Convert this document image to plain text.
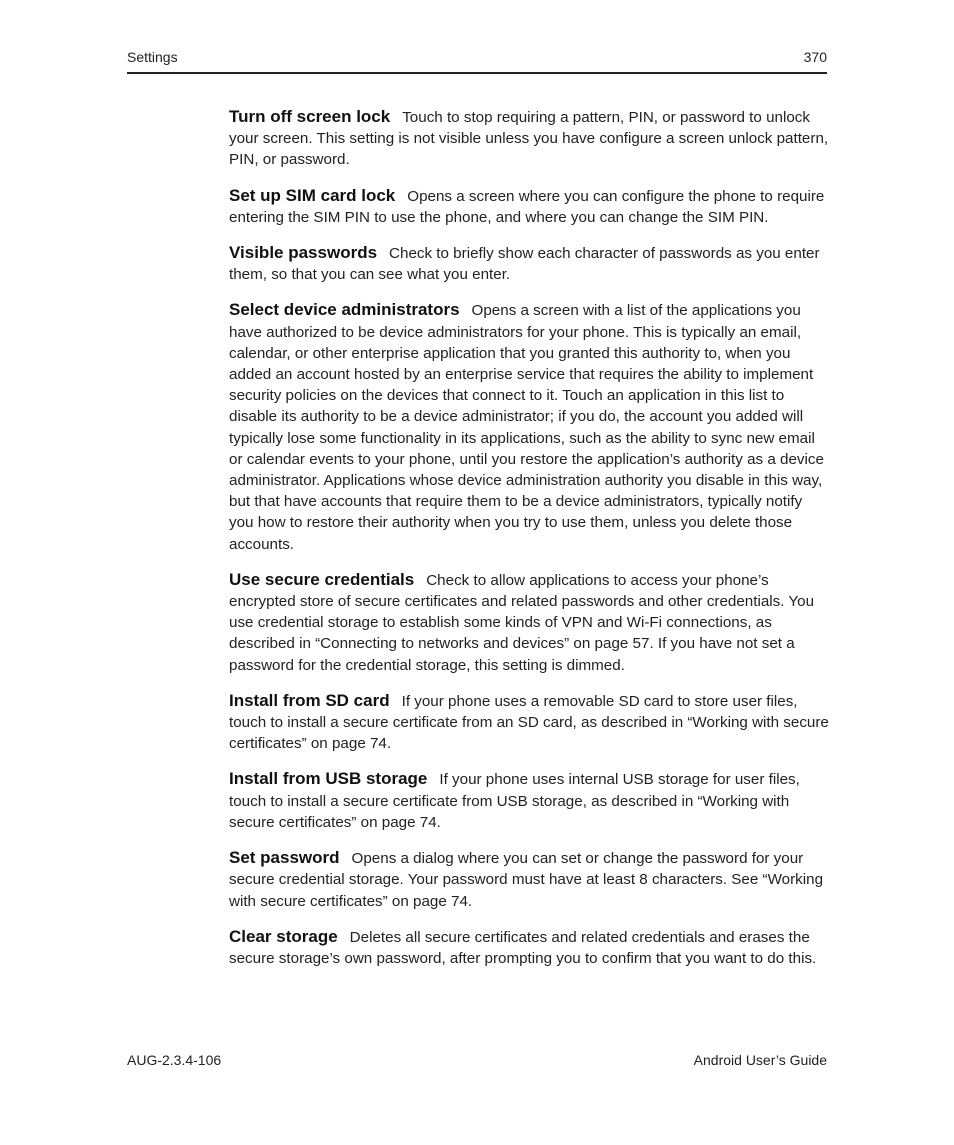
Settings	370

Turn off screen lock Touch to stop requiring a pattern, PIN, or password to unlock your screen. This setting is not visible unless you have configure a screen unlock pattern, PIN, or password.

Set up SIM card lock Opens a screen where you can configure the phone to require entering the SIM PIN to use the phone, and where you can change the SIM PIN.

Visible passwords Check to briefly show each character of passwords as you enter them, so that you can see what you enter.

Select device administrators Opens a screen with a list of the applications you have authorized to be device administrators for your phone. This is typically an email, calendar, or other enterprise application that you granted this authority to, when you added an account hosted by an enterprise service that requires the ability to implement security policies on the devices that connect to it. Touch an application in this list to disable its authority to be a device administrator; if you do, the account you added will typically lose some functionality in its applications, such as the ability to sync new email or calendar events to your phone, until you restore the application’s authority as a device administrator. Applications whose device administration authority you disable in this way, but that have accounts that require them to be a device administrators, typically notify you how to restore their authority when you try to use them, unless you delete those accounts.

Use secure credentials Check to allow applications to access your phone’s encrypted store of secure certificates and related passwords and other credentials. You use credential storage to establish some kinds of VPN and Wi-Fi connections, as described in “Connecting to networks and devices” on page 57. If you have not set a password for the credential storage, this setting is dimmed.

Install from SD card If your phone uses a removable SD card to store user files, touch to install a secure certificate from an SD card, as described in “Working with secure certificates” on page 74.

Install from USB storage If your phone uses internal USB storage for user files, touch to install a secure certificate from USB storage, as described in “Working with secure certificates” on page 74.

Set password Opens a dialog where you can set or change the password for your secure credential storage. Your password must have at least 8 characters. See “Working with secure certificates” on page 74.

Clear storage Deletes all secure certificates and related credentials and erases the secure storage’s own password, after prompting you to confirm that you want to do this.

AUG-2.3.4-106	Android User’s Guide
